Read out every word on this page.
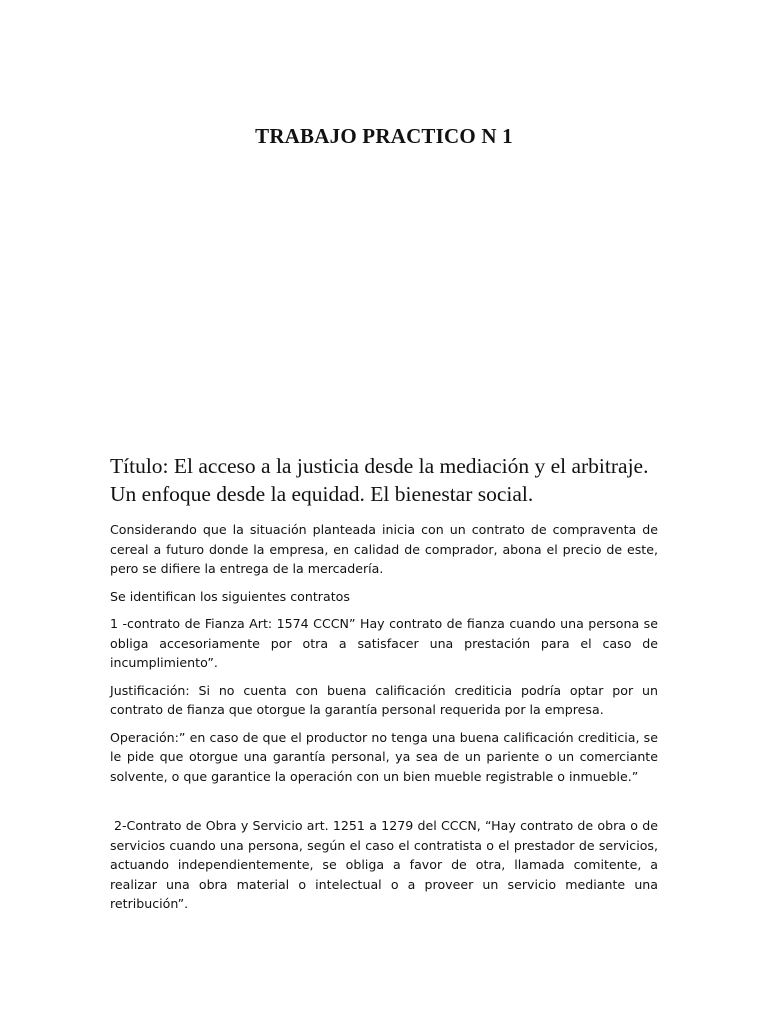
TRABAJO PRACTICO N 1
Título: El acceso a la justicia desde la mediación y el arbitraje. Un enfoque desde la equidad. El bienestar social.

Considerando que la situación planteada inicia con un contrato de compraventa de cereal a futuro donde la empresa, en calidad de comprador, abona el precio de este, pero se difiere la entrega de la mercadería.

Se identifican los siguientes contratos

1 -contrato de Fianza Art: 1574 CCCN” Hay contrato de fianza cuando una persona se obliga accesoriamente por otra a satisfacer una prestación para el caso de incumplimiento”.

Justificación: Si no cuenta con buena calificación crediticia podría optar por un contrato de fianza que otorgue la garantía personal requerida por la empresa.

Operación:” en caso de que el productor no tenga una buena calificación crediticia, se le pide que otorgue una garantía personal, ya sea de un pariente o un comerciante solvente, o que garantice la operación con un bien mueble registrable o inmueble.”

2-Contrato de Obra y Servicio art. 1251 a 1279 del CCCN, “Hay contrato de obra o de servicios cuando una persona, según el caso el contratista o el prestador de servicios, actuando independientemente, se obliga a favor de otra, llamada comitente, a realizar una obra material o intelectual o a proveer un servicio mediante una retribución”.
